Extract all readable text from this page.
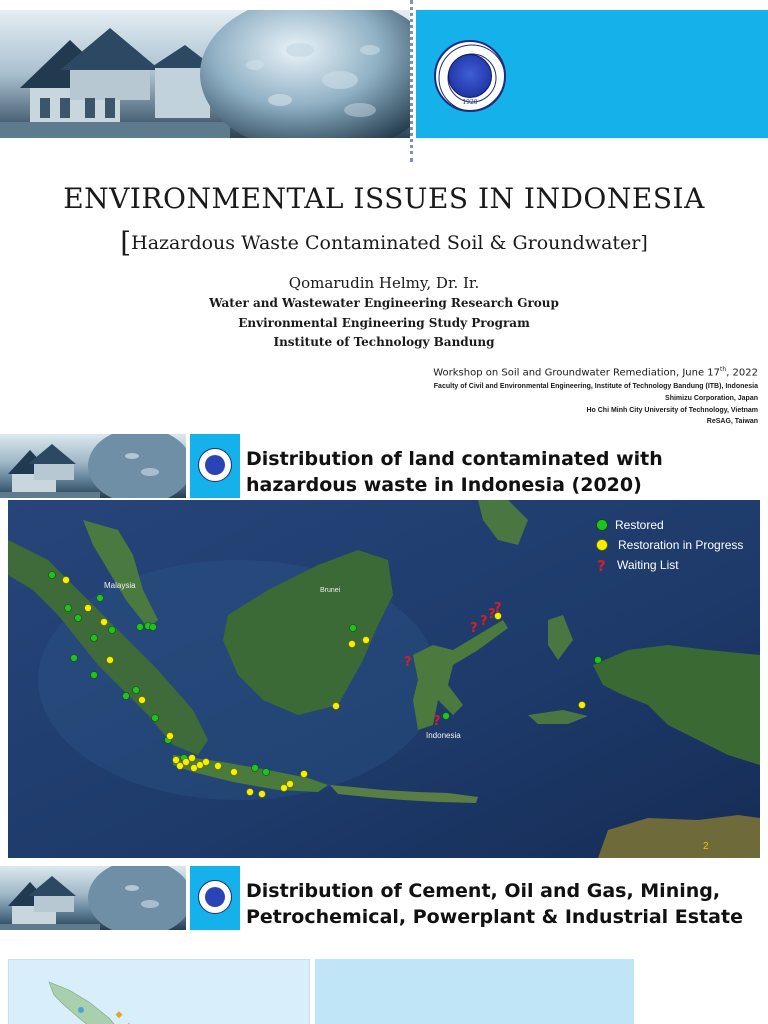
1920
ENVIRONMENTAL ISSUES IN INDONESIA
[Hazardous Waste Contaminated Soil & Groundwater]
Qomarudin Helmy, Dr. Ir.
Water and Wastewater Engineering Research Group
Environmental Engineering Study Program
Institute of Technology Bandung
Workshop on Soil and Groundwater Remediation, June 17th, 2022
Faculty of Civil and Environmental Engineering, Institute of Technology Bandung (ITB), Indonesia
Shimizu Corporation, Japan
Ho Chi Minh City University of Technology, Vietnam
ReSAG, Taiwan
Distribution of land contaminated with hazardous waste in Indonesia (2020)
Malaysia
Brunei
Indonesia
?
?
? ? ?
?
Restored
Restoration in Progress
? Waiting List
2
Distribution of Cement, Oil and Gas, Mining, Petrochemical, Powerplant & Industrial Estate
